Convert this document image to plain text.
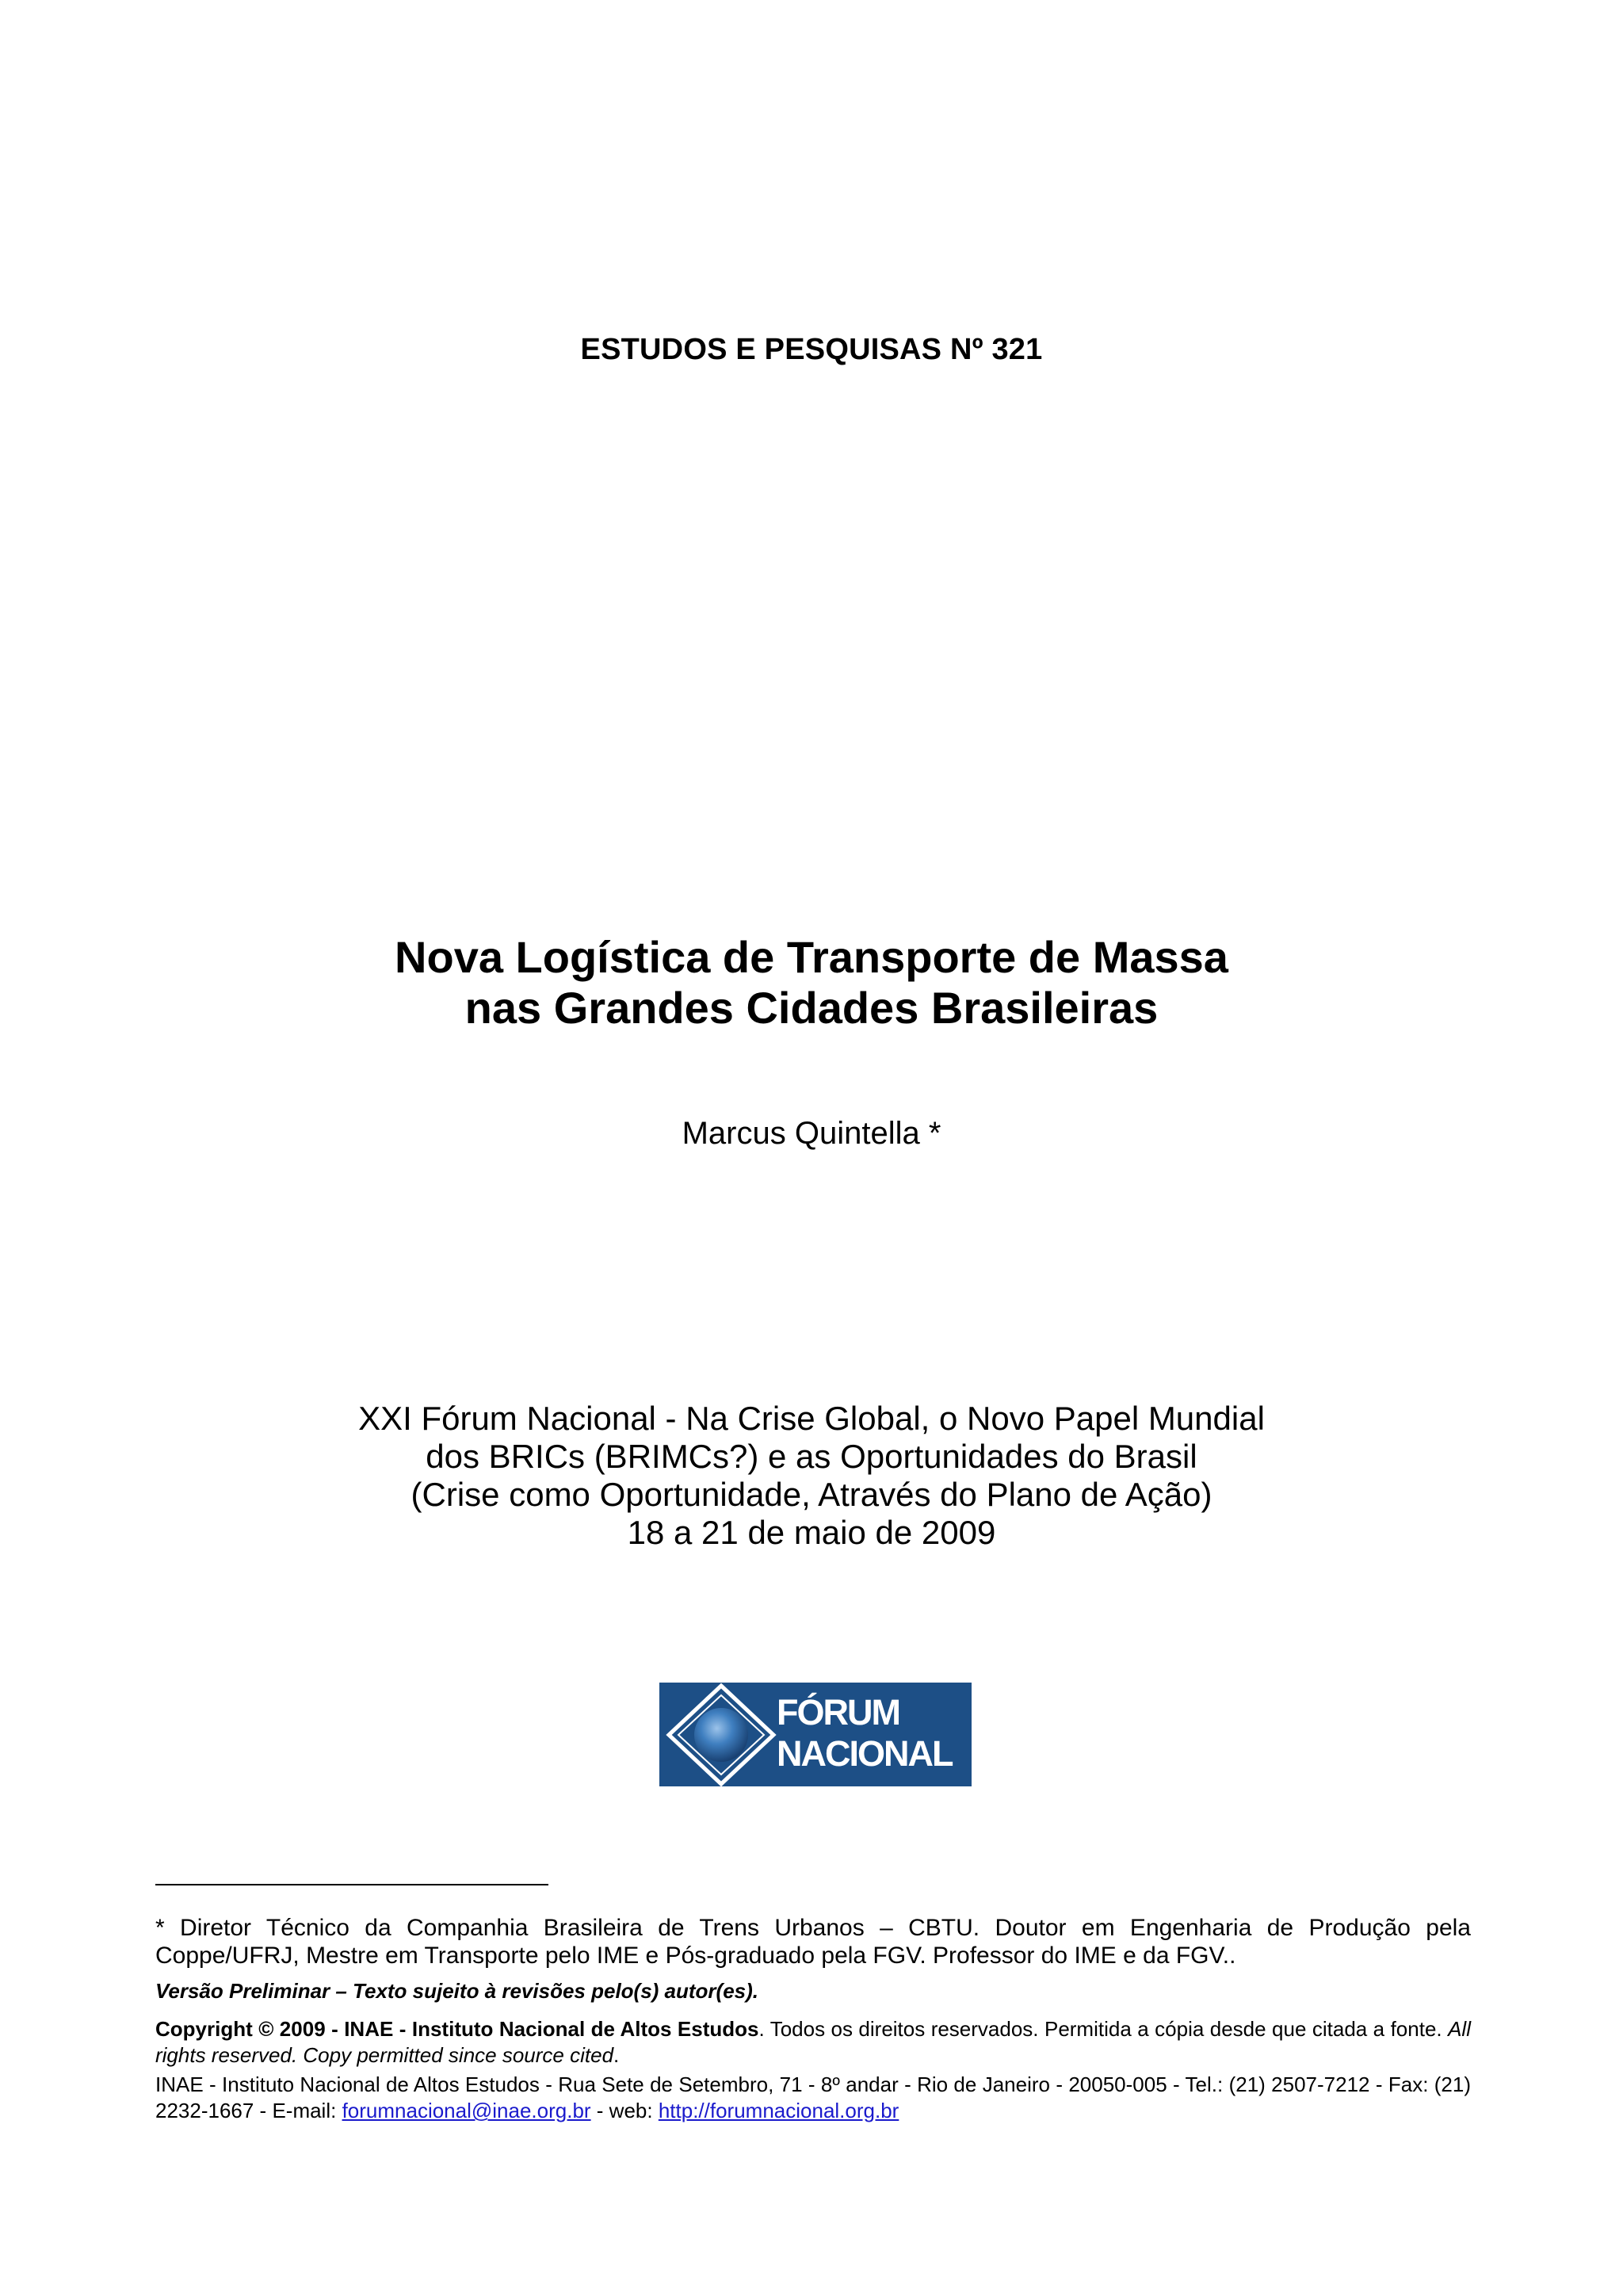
ESTUDOS E PESQUISAS Nº 321
Nova Logística de Transporte de Massa
nas Grandes Cidades Brasileiras
Marcus Quintella *
XXI Fórum Nacional - Na Crise Global, o Novo Papel Mundial
dos BRICs (BRIMCs?) e as Oportunidades do Brasil
(Crise como Oportunidade, Através do Plano de Ação)
18 a 21 de maio de 2009
FÓRUM
NACIONAL

* Diretor Técnico da Companhia Brasileira de Trens Urbanos – CBTU. Doutor em Engenharia de Produção pela Coppe/UFRJ, Mestre em Transporte pelo IME e Pós-graduado pela FGV. Professor do IME e da FGV..

Versão Preliminar – Texto sujeito à revisões pelo(s) autor(es).

Copyright © 2009 - INAE - Instituto Nacional de Altos Estudos. Todos os direitos reservados. Permitida a cópia desde que citada a fonte. All rights reserved. Copy permitted since source cited.

INAE - Instituto Nacional de Altos Estudos - Rua Sete de Setembro, 71 - 8º andar - Rio de Janeiro - 20050-005 - Tel.: (21) 2507-7212 - Fax: (21) 2232-1667 - E-mail: forumnacional@inae.org.br - web: http://forumnacional.org.br
